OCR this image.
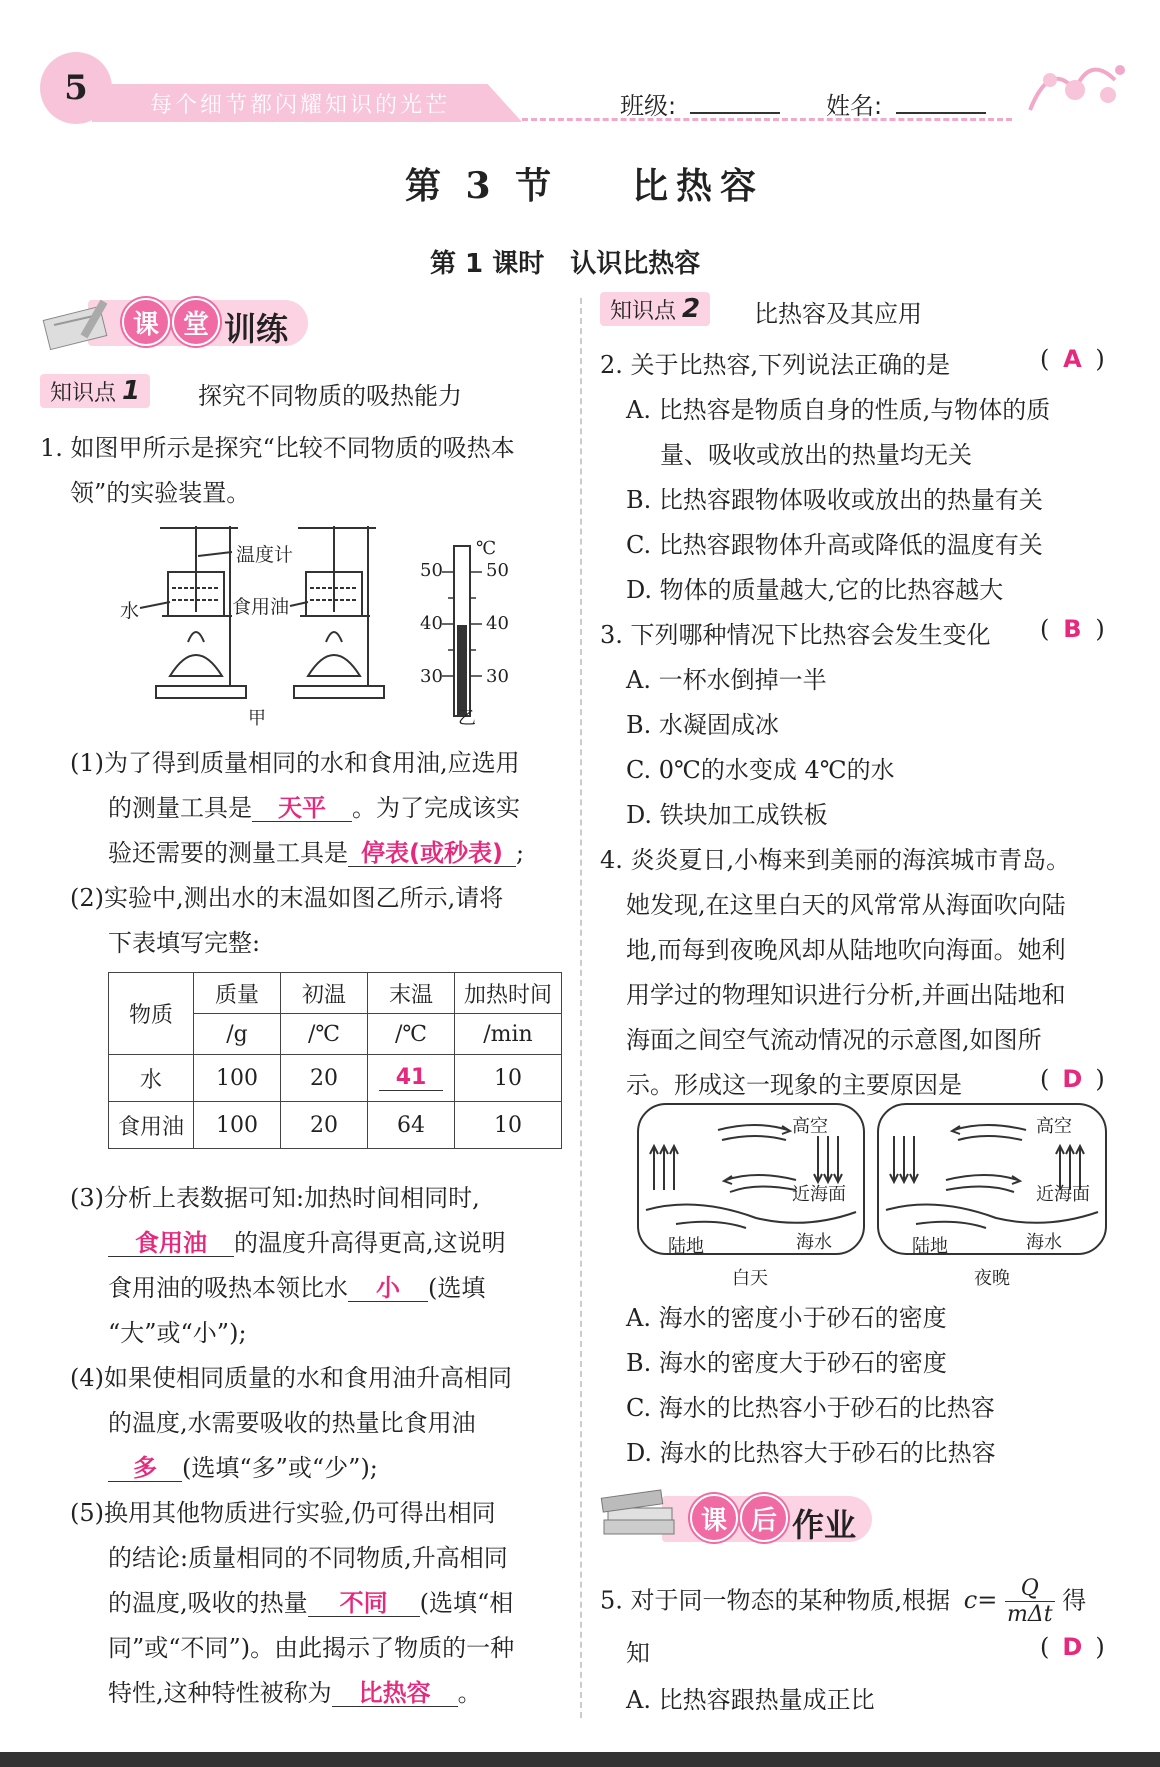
5	每个细节都闪耀知识的光芒	班级:	姓名:
第 3 节 比热容
第 1 课时　认识比热容
课 堂 训练
知识点 1 探究不同物质的吸热能力
1. 如图甲所示是探究“比较不同物质的吸热本
领”的实验装置。
温度计
水	食用油
甲	乙
℃
50 50
40 40
30 30
(1)为了得到质量相同的水和食用油,应选用
的测量工具是 天平 。为了完成该实
验还需要的测量工具是 停表(或秒表) ;
(2)实验中,测出水的末温如图乙所示,请将
下表填写完整:
物质	质量	初温	末温	加热时间
	/g	/℃	/℃	/min
水	100	20	41	10
食用油	100	20	64	10
(3)分析上表数据可知:加热时间相同时,
食用油 的温度升高得更高,这说明
食用油的吸热本领比水 小 (选填
“大”或“小”);
(4)如果使相同质量的水和食用油升高相同
的温度,水需要吸收的热量比食用油
多 (选填“多”或“少”);
(5)换用其他物质进行实验,仍可得出相同
的结论:质量相同的不同物质,升高相同
的温度,吸收的热量 不同 (选填“相
同”或“不同”)。由此揭示了物质的一种
特性,这种特性被称为 比热容 。
知识点 2 比热容及其应用
2. 关于比热容,下列说法正确的是	( A )
A. 比热容是物质自身的性质,与物体的质
量、吸收或放出的热量均无关
B. 比热容跟物体吸收或放出的热量有关
C. 比热容跟物体升高或降低的温度有关
D. 物体的质量越大,它的比热容越大
3. 下列哪种情况下比热容会发生变化 ( B )
A. 一杯水倒掉一半
B. 水凝固成冰
C. 0℃的水变成 4℃的水
D. 铁块加工成铁板
4. 炎炎夏日,小梅来到美丽的海滨城市青岛。
她发现,在这里白天的风常常从海面吹向陆
地,而每到夜晚风却从陆地吹向海面。她利
用学过的物理知识进行分析,并画出陆地和
海面之间空气流动情况的示意图,如图所
示。形成这一现象的主要原因是	( D )
高空
近海面
陆地	海水
高空
近海面
陆地	海水
白天	夜晚
A. 海水的密度小于砂石的密度
B. 海水的密度大于砂石的密度
C. 海水的比热容小于砂石的比热容
D. 海水的比热容大于砂石的比热容
课 后 作业
5. 对于同一物态的某种物质,根据 c=	Q
mΔt
得
知	( D )
A. 比热容跟热量成正比
